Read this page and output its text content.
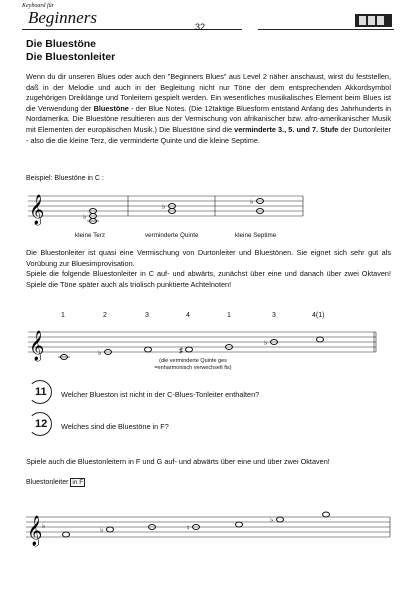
Keyboard für
Beginners	32
Die Bluestöne
Die Bluestonleiter

Wenn du dir unseren Blues oder auch den "Beginners Blues" aus Level 2 näher anschaust, wirst du feststellen, daß in der Melodie und auch in der Begleitung nicht nur Töne der dem entsprechenden Akkordsymbol zugehörigen Dreiklänge und Tonleitern gespielt werden. Ein wesentliches musikalisches Element beim Blues ist die Verwendung der Bluestöne - der Blue Notes. (Die 12taktige Bluesform entstand Anfang des Jahrhunderts in Nordamerika. Die Bluestöne resultieren aus der Vermischung von afrikanischer bzw. afro-amerikanischer Musik mit Elementen der europäischen Musik.) Die Bluestöne sind die verminderte 3., 5. und 7. Stufe der Durtonleiter - also die die kleine Terz, die verminderte Quinte und die kleine Septime.

Beispiel: Bluestöne in C :
𝄞	♭
♭
♭
kleine Terz	verminderte Quinte	kleine Septime

Die Bluestonleiter ist quasi eine Vermischung von Durtonleiter und Bluestönen. Sie eignet sich sehr gut als Vorübung zur Bluesimprovisation.
Spiele die folgende Bluestonleiter in C auf- und abwärts, zunächst über eine und danach über zwei Oktaven! Spiele die Töne später auch als triolisch punktierte Achtelnoten!

𝄞	♭	♯
♭
1	2	3	4	1	3	4(1)
(die verminderte Quinte ges
=enharmonisch verwechselt fis)
11 Welcher Blueston ist nicht in der C-Blues-Tonleiter enthalten?
12 Welches sind die Bluestöne in F?

Spiele auch die Bluestonleitern in F und G auf- und abwärts über eine und über zwei Oktaven!

Bluestonleiter in F
𝄞 ♭
♭	♮
♭
